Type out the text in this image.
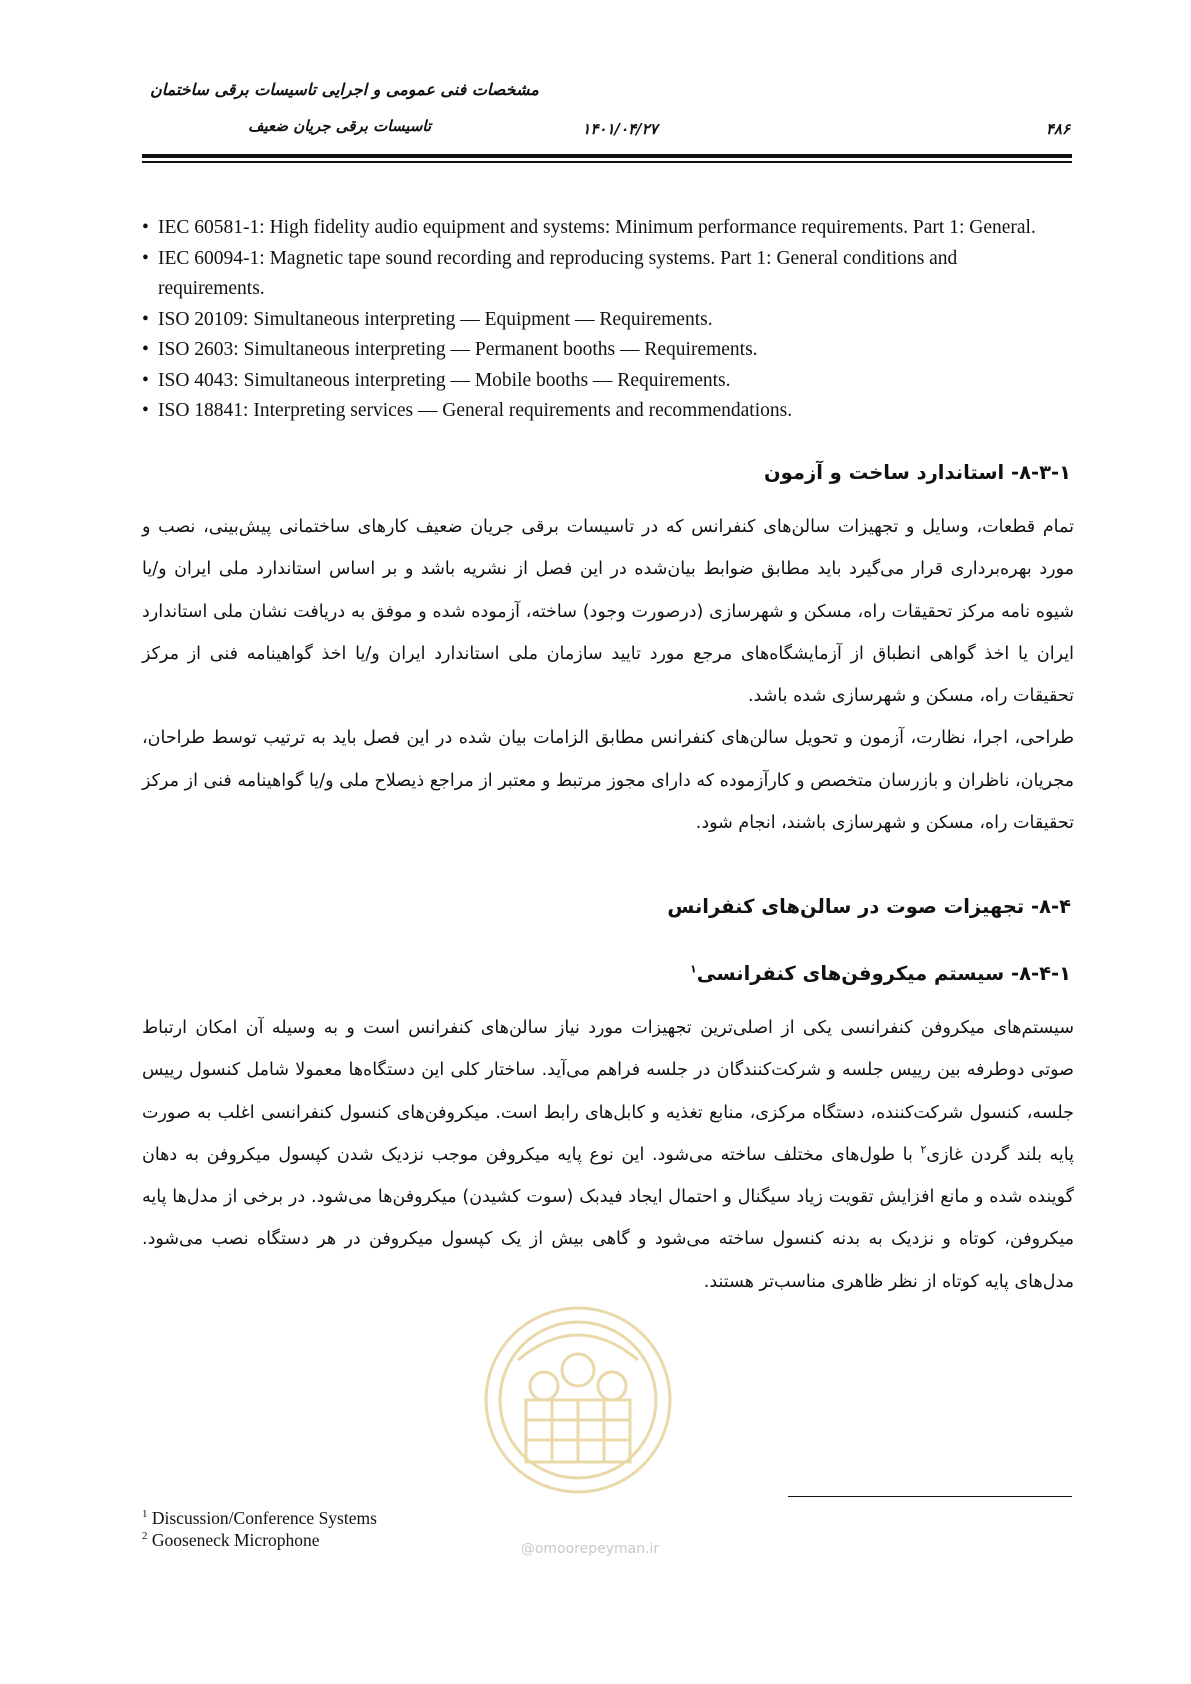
مشخصات فنی عمومی و اجرایی تاسیسات برقی ساختمان
تاسیسات برقی جریان ضعیف	۱۴۰۱/۰۴/۲۷	۴۸۶
• IEC 60581-1: High fidelity audio equipment and systems: Minimum performance requirements. Part 1: General.
• IEC 60094-1: Magnetic tape sound recording and reproducing systems. Part 1: General conditions and requirements.
• ISO 20109: Simultaneous interpreting — Equipment — Requirements.
• ISO 2603: Simultaneous interpreting — Permanent booths — Requirements.
• ISO 4043: Simultaneous interpreting — Mobile booths — Requirements.
• ISO 18841: Interpreting services — General requirements and recommendations.
۸-۳-۱- استاندارد ساخت و آزمون

تمام قطعات، وسایل و تجهیزات سالن‌های کنفرانس که در تاسیسات برقی جریان ضعیف کارهای ساختمانی پیش‌بینی، نصب و مورد بهره‌برداری قرار می‌گیرد باید مطابق ضوابط بیان‌شده در این فصل از نشریه باشد و بر اساس استاندارد ملی ایران و/یا شیوه نامه مرکز تحقیقات راه، مسکن و شهرسازی (درصورت وجود) ساخته، آزموده شده و موفق به دریافت نشان ملی استاندارد ایران یا اخذ گواهی انطباق از آزمایشگاه‌های مرجع مورد تایید سازمان ملی استاندارد ایران و/یا اخذ گواهینامه فنی از مرکز تحقیقات راه، مسکن و شهرسازی شده باشد.

طراحی، اجرا، نظارت، آزمون و تحویل سالن‌های کنفرانس مطابق الزامات بیان شده در این فصل باید به ترتیب توسط طراحان، مجریان، ناظران و بازرسان متخصص و کارآزموده که دارای مجوز مرتبط و معتبر از مراجع ذیصلاح ملی و/یا گواهینامه فنی از مرکز تحقیقات راه، مسکن و شهرسازی باشند، انجام شود.

۸-۴- تجهیزات صوت در سالن‌های کنفرانس
۸-۴-۱- سیستم میکروفن‌های کنفرانسی$^۱$

سیستم‌های میکروفن کنفرانسی یکی از اصلی‌ترین تجهیزات مورد نیاز سالن‌های کنفرانس است و به وسیله آن امکان ارتباط صوتی دوطرفه بین رییس جلسه و شرکت‌کنندگان در جلسه فراهم می‌آید. ساختار کلی این دستگاه‌ها معمولا شامل کنسول رییس جلسه، کنسول شرکت‌کننده، دستگاه مرکزی، منابع تغذیه و کابل‌های رابط است. میکروفن‌های کنسول کنفرانسی اغلب به صورت پایه بلند گردن غازی$^۲$ با طول‌های مختلف ساخته می‌شود. این نوع پایه میکروفن موجب نزدیک شدن کپسول میکروفن به دهان گوینده شده و مانع افزایش تقویت زیاد سیگنال و احتمال ایجاد فیدبک (سوت کشیدن) میکروفن‌ها می‌شود. در برخی از مدل‌ها پایه میکروفن، کوتاه و نزدیک به بدنه کنسول ساخته می‌شود و گاهی بیش از یک کپسول میکروفن در هر دستگاه نصب می‌شود. مدل‌های پایه کوتاه از نظر ظاهری مناسب‌تر هستند.

@omoorepeyman.ir
$^1$ Discussion/Conference Systems
$^2$ Gooseneck Microphone
